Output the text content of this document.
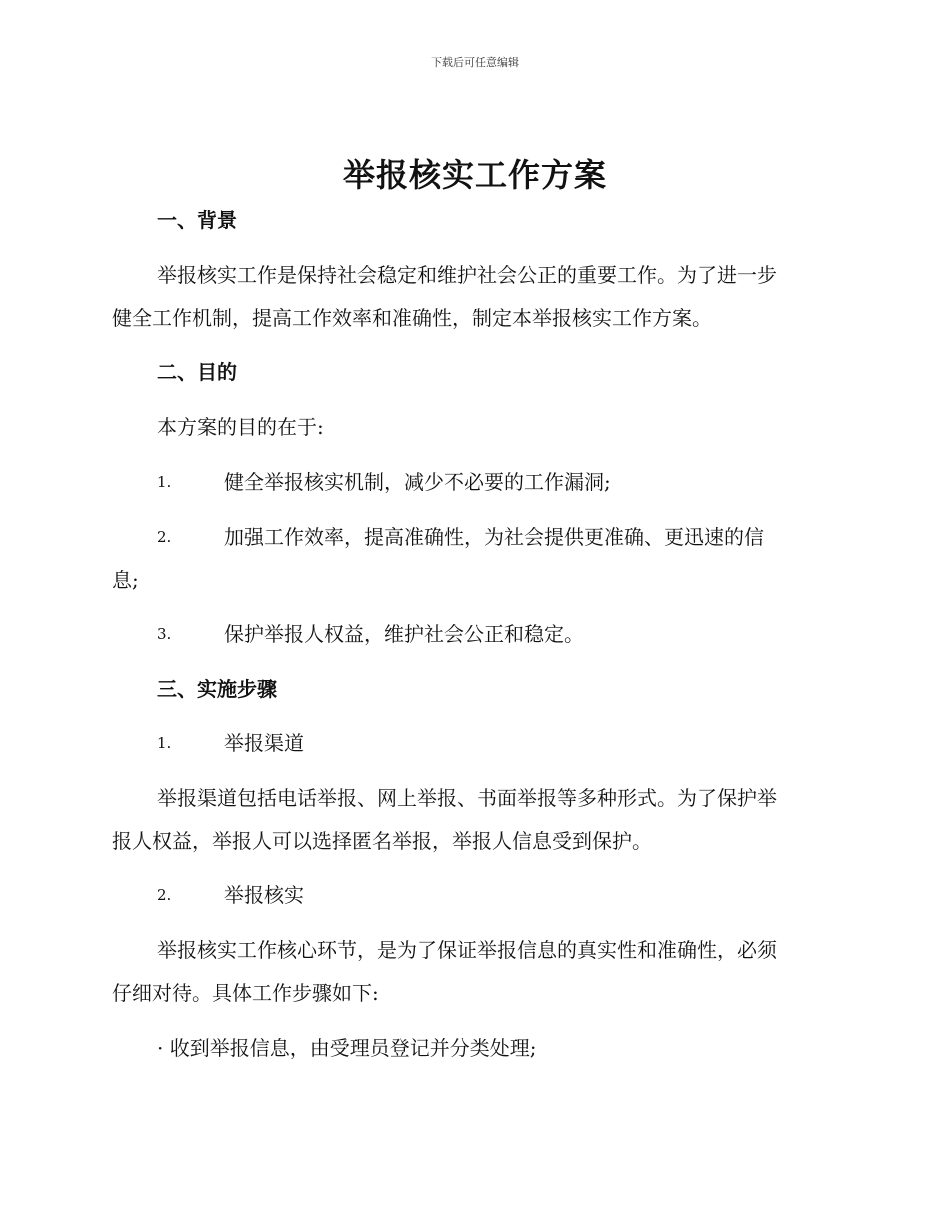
下载后可任意编辑
举报核实工作方案
一、背景
举报核实工作是保持社会稳定和维护社会公正的重要工作。为了进一步
健全工作机制，提高工作效率和准确性，制定本举报核实工作方案。
二、目的
本方案的目的在于:
1.	健全举报核实机制，减少不必要的工作漏洞;
2.	加强工作效率，提高准确性，为社会提供更准确、更迅速的信
息;
3.	保护举报人权益，维护社会公正和稳定。
三、实施步骤
1.	举报渠道
举报渠道包括电话举报、网上举报、书面举报等多种形式。为了保护举
报人权益，举报人可以选择匿名举报，举报人信息受到保护。
2.	举报核实
举报核实工作核心环节，是为了保证举报信息的真实性和准确性，必须
仔细对待。具体工作步骤如下:
· 收到举报信息，由受理员登记并分类处理;
